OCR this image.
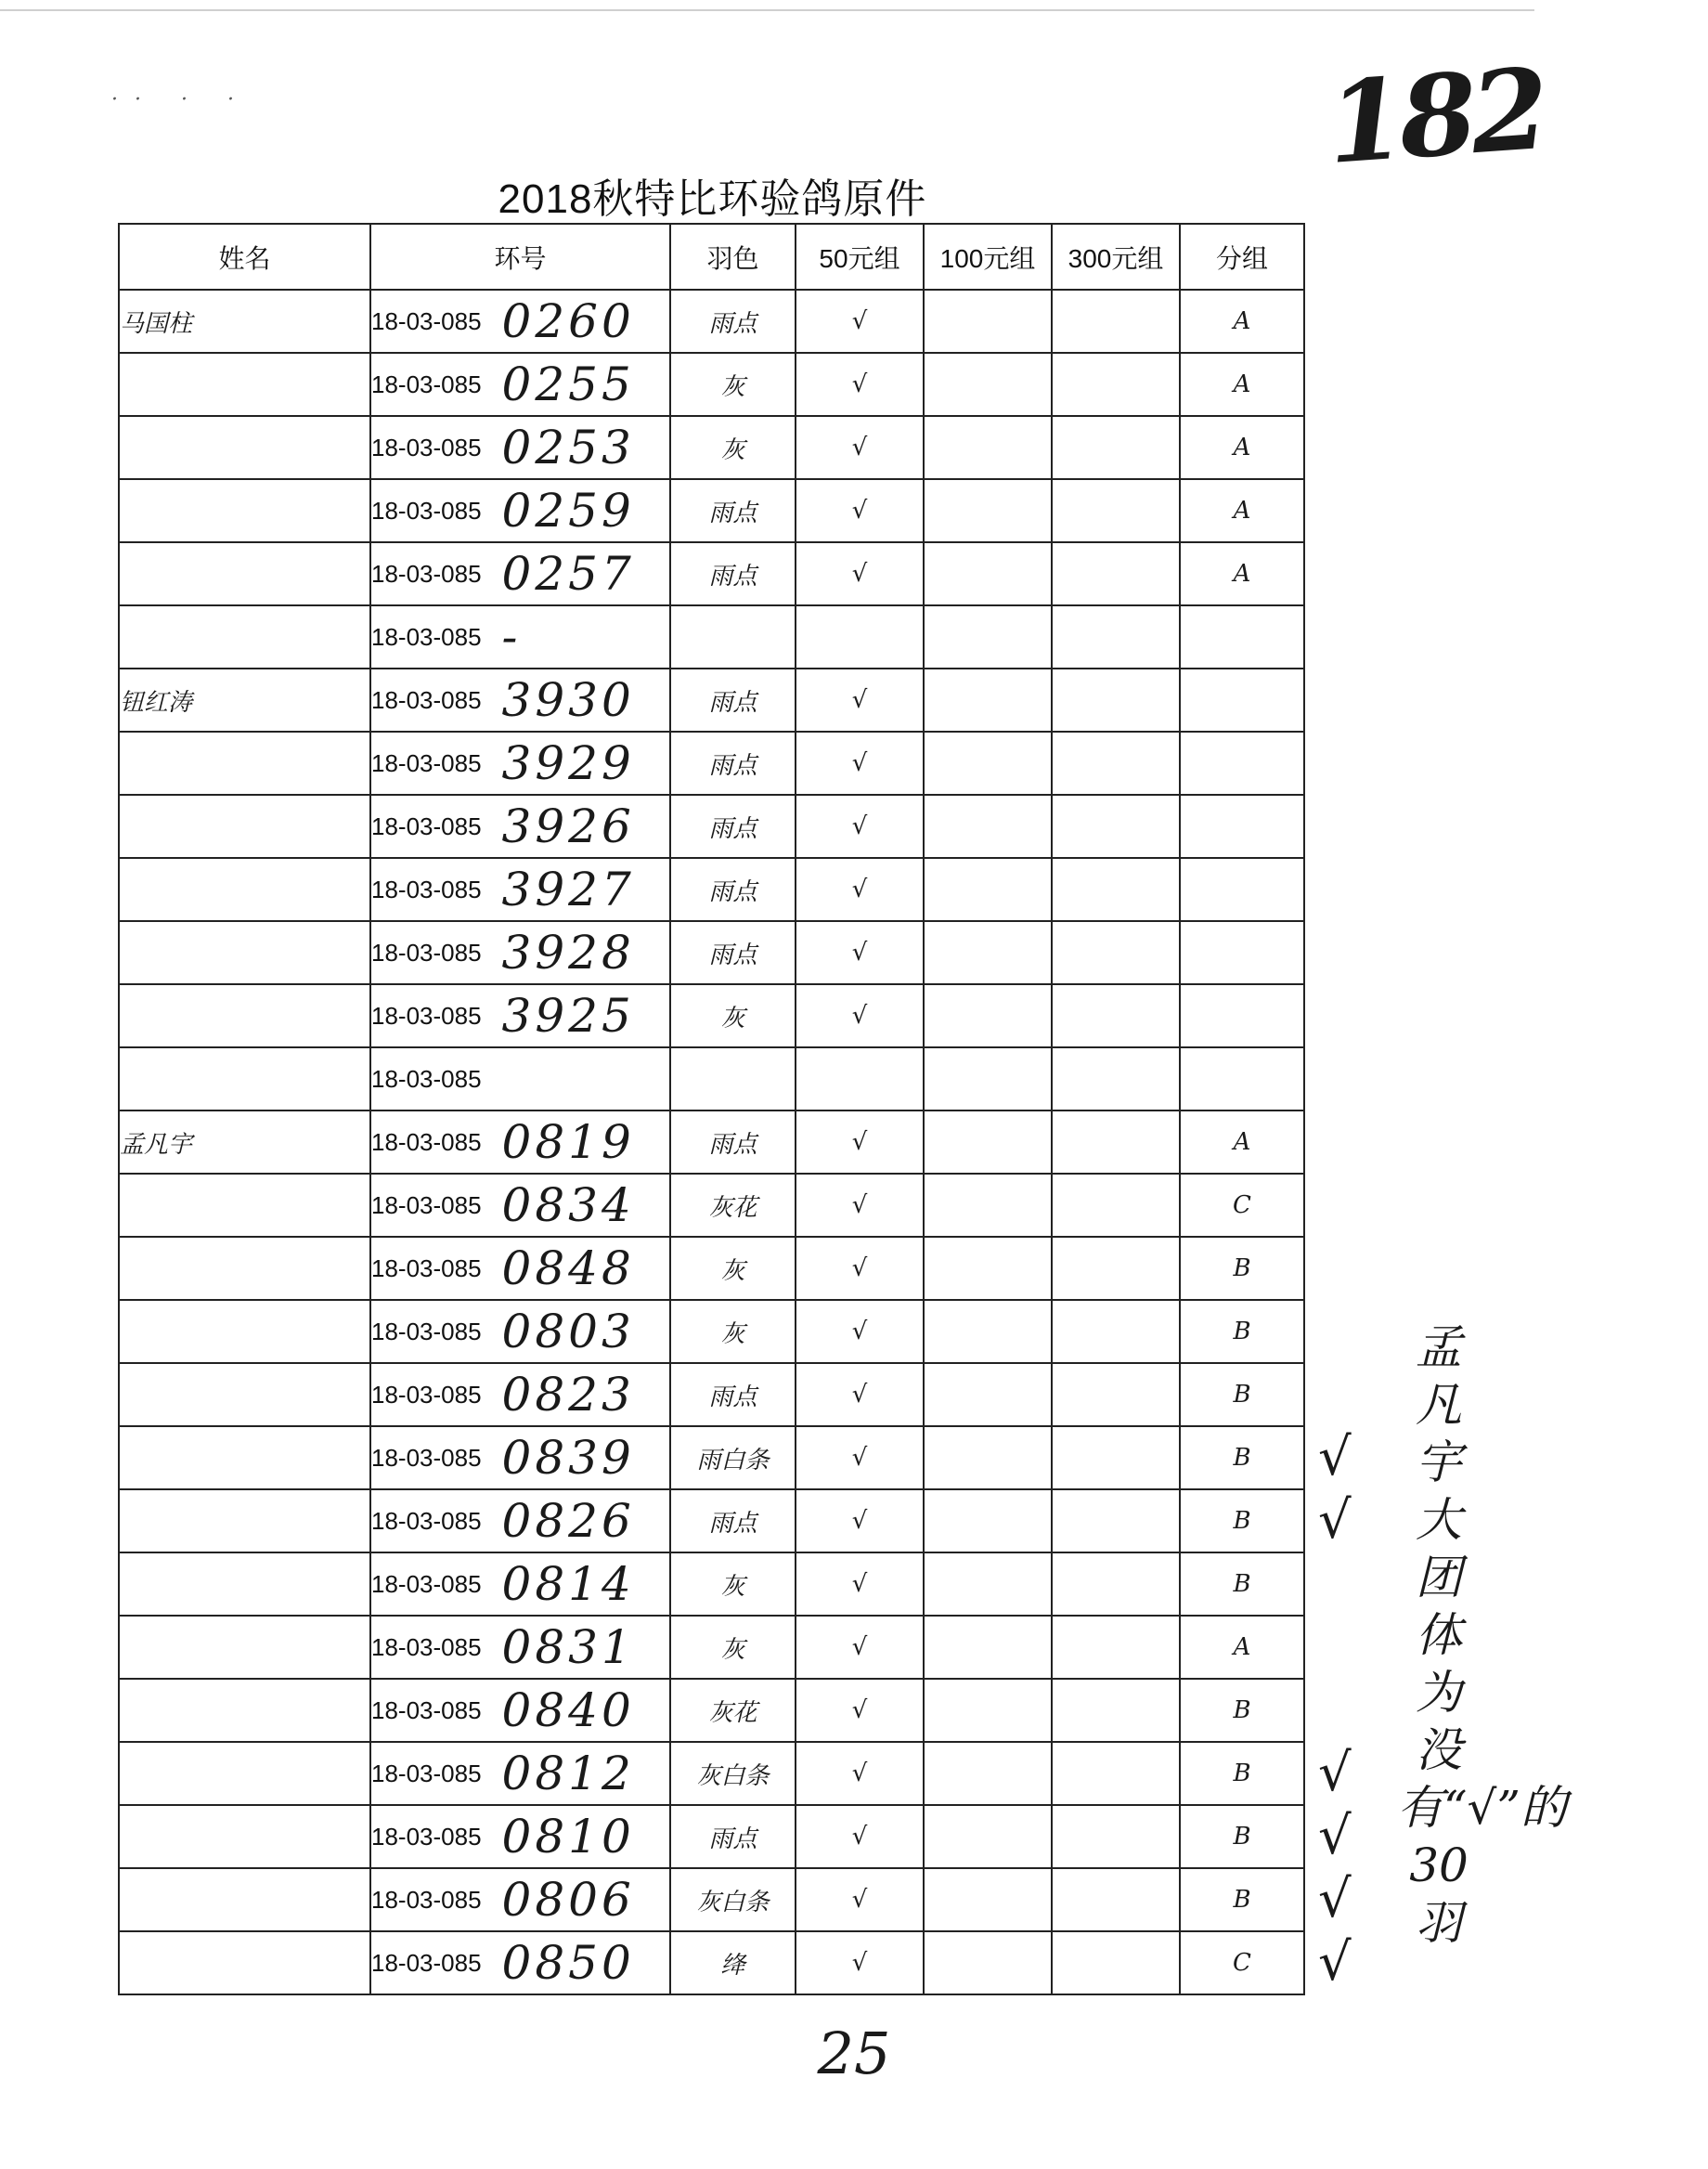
·· · ·	182
2018秋特比环验鸽原件
姓名	环号	羽色	50元组	100元组	300元组	分组
马国柱	18-03-085 0260	雨点	√			A
	18-03-085 0255	灰	√			A
	18-03-085 0253	灰	√			A
	18-03-085 0259	雨点	√			A
	18-03-085 0257	雨点	√			A
	18-03-085 -					
钮红涛	18-03-085 3930	雨点	√			
	18-03-085 3929	雨点	√			
	18-03-085 3926	雨点	√			
	18-03-085 3927	雨点	√			
	18-03-085 3928	雨点	√			
	18-03-085 3925	灰	√			
	18-03-085					
孟凡宇	18-03-085 0819	雨点	√			A
	18-03-085 0834	灰花	√			C
	18-03-085 0848	灰	√			B
	18-03-085 0803	灰	√			B
	18-03-085 0823	雨点	√			B
	18-03-085 0839	雨白条	√			B
	18-03-085 0826	雨点	√			B
	18-03-085 0814	灰	√			B
	18-03-085 0831	灰	√			A
	18-03-085 0840	灰花	√			B
	18-03-085 0812	灰白条	√			B
	18-03-085 0810	雨点	√			B
	18-03-085 0806	灰白条	√			B
	18-03-085 0850	绛	√			C
√
√
√
√
√
√
孟凡宇大团体为没有“√”的30羽
25
